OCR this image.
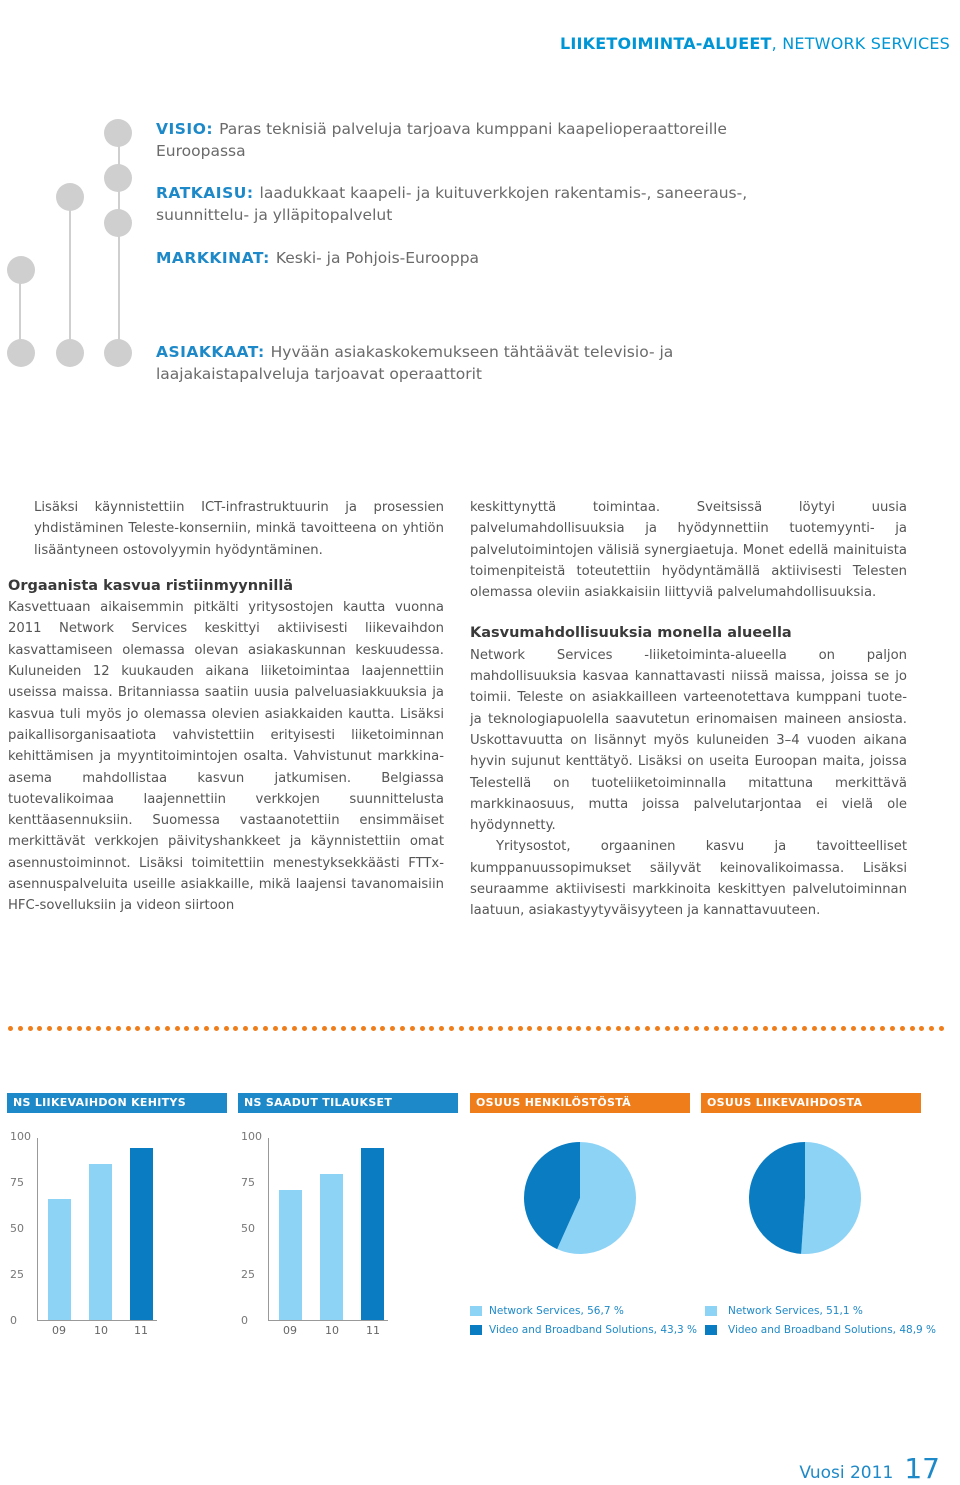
LIIKETOIMINTA-ALUEET, NETWORK SERVICES
VISIO: Paras teknisiä palveluja tarjoava kumppani kaapelioperaattoreille Euroopassa
RATKAISU: laadukkaat kaapeli- ja kuituverkkojen rakentamis-, saneeraus-, suunnittelu- ja ylläpitopalvelut
MARKKINAT: Keski- ja Pohjois-Eurooppa
ASIAKKAAT: Hyvään asiakaskokemukseen tähtäävät televisio- ja laajakaistapalveluja tarjoavat operaattorit

Lisäksi käynnistettiin ICT-infrastruktuurin ja prosessien yhdistäminen Teleste-konserniin, minkä tavoitteena on yhtiön lisääntyneen ostovolyymin hyödyntäminen.

Orgaanista kasvua ristiinmyynnillä

Kasvettuaan aikaisemmin pitkälti yritysostojen kautta vuonna 2011 Network Services keskittyi aktiivisesti liikevaihdon kasvattamiseen olemassa olevan asiakaskunnan keskuudessa. Kuluneiden 12 kuukauden aikana liiketoimintaa laajennettiin useissa maissa. Britanniassa saatiin uusia palveluasiakkuuksia ja kasvua tuli myös jo olemassa olevien asiakkaiden kautta. Lisäksi paikallisorganisaatiota vahvistettiin erityisesti liiketoiminnan kehittämisen ja myyntitoimintojen osalta. Vahvistunut markkina-asema mahdollistaa kasvun jatkumisen. Belgiassa tuotevalikoimaa laajennettiin verkkojen suunnittelusta kenttäasennuksiin. Suomessa vastaanotettiin ensimmäiset merkittävät verkkojen päivityshankkeet ja käynnistettiin omat asennustoiminnot. Lisäksi toimitettiin menestyksekkäästi FTTx-asennuspalveluita useille asiakkaille, mikä laajensi tavanomaisiin HFC-sovelluksiin ja videon siirtoon

keskittynyttä toimintaa. Sveitsissä löytyi uusia palvelumahdollisuuksia ja hyödynnettiin tuotemyynti- ja palvelutoimintojen välisiä synergiaetuja. Monet edellä mainituista toimenpiteistä toteutettiin hyödyntämällä aktiivisesti Telesten olemassa oleviin asiakkaisiin liittyviä palvelumahdollisuuksia.

Kasvumahdollisuuksia monella alueella

Network Services -liiketoiminta-alueella on paljon mahdollisuuksia kasvaa kannattavasti niissä maissa, joissa se jo toimii. Teleste on asiakkailleen varteenotettava kumppani tuote- ja teknologiapuolella saavutetun erinomaisen maineen ansiosta. Uskottavuutta on lisännyt myös kuluneiden 3–4 vuoden aikana hyvin sujunut kenttätyö. Lisäksi on useita Euroopan maita, joissa Telestellä on tuoteliiketoiminnalla mitattuna merkittävä markkinaosuus, mutta joissa palvelutarjontaa ei vielä ole hyödynnetty.

Yritysostot, orgaaninen kasvu ja tavoitteelliset kumppanuussopimukset säilyvät keinovalikoimassa. Lisäksi seuraamme aktiivisesti markkinoita keskittyen palvelutoiminnan laatuun, asiakastyytyväisyyteen ja kannattavuuteen.

NS LIIKEVAIHDON KEHITYS	NS SAADUT TILAUKSET	OSUUS HENKILÖSTÖSTÄ	OSUUS LIIKEVAIHDOSTA
100
75
50
25
0
09	10 11
100
75
50
25
0
09	10 11
Network Services, 56,7 %
Video and Broadband Solutions, 43,3 %
Network Services, 51,1 %
Video and Broadband Solutions, 48,9 %
Vuosi 2011 17
